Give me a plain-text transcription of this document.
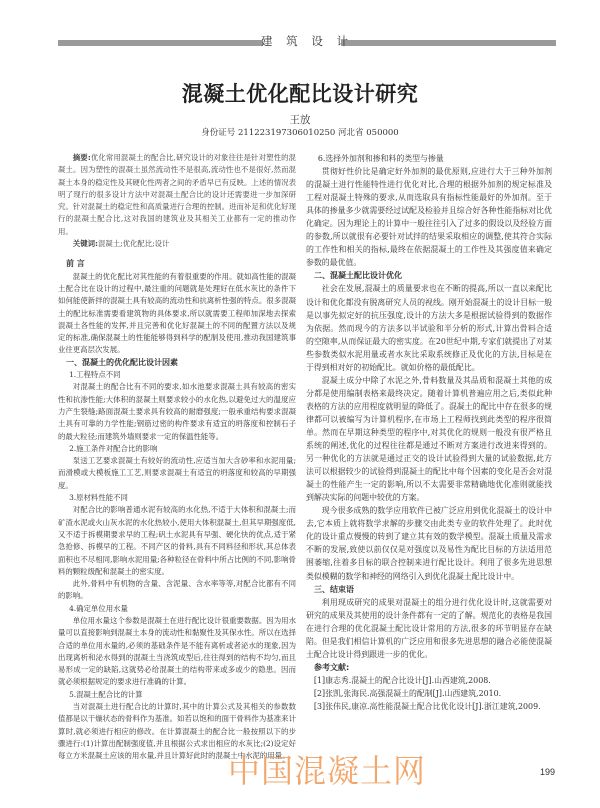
建 筑 设 计
混凝土优化配比设计研究
王放
身份证号 211223197306010250 河北省 050000

摘要:优化常用混凝土的配合比,研究设计的对象往往是针对塑性的混凝土。因为塑性的混凝土虽然流动性不是很高,流动性也不是很好,然而混凝土本身的稳定性及其硬化性两者之间的矛盾早已有反映。上述的情况表明了现行的很多设计方法中对混凝土配合比的设计还需要进一步加深研究。针对混凝土的稳定性和高质量进行合理的控制。进而补足和优化好现行的混凝土配合比,这对我国的建筑业及其相关工业都有一定的推动作用。

关键词:混凝土;优化配比;设计

前 言

混凝土的优化配比对其性能的有着很重要的作用。就如高性能的混凝土配合比在设计的过程中,最注重的问题就是处理好在低水灰比的条件下如何能使新拌的混凝土具有较高的流动性和抗离析性强的特点。很多混凝土的配比标准需要看建筑物的具体要求,所以就需要工程师加深地去探索混凝土各性能的发挥,并且完善和优化好混凝土的不同的配置方法以及规定的标准,确保混凝土的性能能够得到科学的配制及使用,推动我国建筑事业往更高层次发展。

一、混凝土的优化配比设计因素

1.工程特点不同

对混凝土的配合比有不同的要求,如水池要求混凝土具有较高的密实性和抗渗性能;大体积的混凝土则要求较小的水化热,以避免过大的温度应力产生裂缝;路面混凝土要求具有较高的耐磨强度;一般承重结构要求混凝土具有可靠的力学性能;钢筋过密的构件要求有适宜的坍落度和控制石子的最大粒径;而建筑外墙则要求一定的保温性能等。

2.施工条件对配合比的影响

泵送工艺要求混凝土有较好的流动性,应适当加大含砂率和水泥用量;而滑模或大模板施工工艺,则要求混凝土有适宜的坍落度和较高的早期强度。

3.原材料性能不同

对配合比的影响普通水泥有较高的水化热,不适于大体积和混凝土;而矿渣水泥或火山灰水泥的水化热较小,使用大体积混凝土,但其早期强度低,又不适于拆模期要求早的工程;矾土水泥具有早强、硬化快的优点,适于紧急抢修、拆模早的工程。不同产区的骨料,具有不同料径和形状,其总体表面积也不尽相同,影响水泥用量;各种粒径在骨料中所占比例的不同,影响骨料的颗粒级配和混凝土的密实度。

此外,骨料中有机物的含量、含泥量、含水率等等,对配合比都有不同的影响。

4.确定单位用水量

单位用水量这个参数是混凝土在进行配比设计很重要数据。因为用水量可以直接影响到混凝土本身的流动性和黏聚性及其保水性。所以在选择合适的单位用水量的,必须的基础条件是不能有离析或者泌水的现象,因为出现离析和泌水得到的混凝土当浇筑成型后,往往得到的结构不均匀,而且易形成一定的缺陷,这就势必给混凝土的结构带来或多或少的隐患。因而就必须根据规定的要求进行准确的计算。

5.混凝土配合比的计算

当对混凝土进行配合比的计算时,其中的计算公式及其相关的参数数值都是以干燥状态的骨料作为基准。如若以饱和的面干骨料作为基准来计算时,就必须进行相应的修改。在计算混凝土的配合比一般按照以下的步骤进行:(1)计算出配制强度值,并且根据公式求出相应的水灰比;(2)设定好每立方米混凝土应该的用水量,并且计算好此时的混凝土中水泥的用量。

6.选择外加剂和掺和料的类型与掺量

贯彻好性价比是确定好外加剂的最优原则,应进行大于三种外加剂的混凝土进行性能特性进行优化对比,合理的根据外加剂的规定标准及工程对混凝土特殊的要求,从而选取具有指标性能最好的外加剂。至于具体的掺量多少就需要经过试配及检验并且综合好各种性能指标对比优化确定。因为理论上的计算中一般往往引入了过多的假设以及经验方面的参数,所以就很有必要针对试拌的结果采取相应的调整,使其符合实际的工作性和相关的指标,最终在依据混凝土的工作性及其强度值来确定参数的最优值。

二、混凝土配比设计优化

社会在发展,混凝土的质量要求也在不断的提高,所以一直以来配比设计和优化都没有脱离研究人员的视线。刚开始混凝土的设计目标一般是以事先拟定好的抗压强度,设计的方法大多是根据试验得到的数据作为依据。然而现今的方法多以半试验和半分析的形式,计算出骨料合适的空隙率,从而保证最大的密实度。在20世纪中期,专家们就提出了对某些参数类似水泥用量或者水灰比采取系统修正及优化的方法,目标是在于得到相对好的初始配比。就如价格的最低配比。

混凝土成分中除了水泥之外,骨料数量及其品质和混凝土其他的成分都是使用编制表格来最终决定。随着计算机普遍应用之后,类似此种表格的方法的应用程度就明显的降低了。混凝土的配比中存在很多的规律都可以被编写为计算机程序,在市场上工程师找到此类型的程序很简单。然而在早期这种类型的程序中,对其优化的规则一般没有很严格且系统的阐述,优化的过程往往都是通过不断对方案进行改进来得到的。另一种优化的方法就是通过正交的设计试验得到大量的试验数据,此方法可以根据较少的试验得到混凝土的配比中每个因素的变化是否会对混凝土的性能产生一定的影响,所以不太需要非常精确地优化准则就能找到解决实际的问题中较优的方案。

现今很多成熟的数学应用软件已被广泛应用到优化混凝土的设计中去,它本质上就将数学求解的步骤交由此类专业的软件处理了。此时优化的设计重点慢慢的转到了建立其有效的数学模型。混凝土质量及需求不断的发展,致使以前仅仅是对强度以及易性为配比目标的方法适用范围萎缩,往着多目标的联合控制来进行配比设计。利用了很多先进思想类似模糊的数学和神经的网络引入到优化混凝土配比设计中。

三、结束语

利用现成研究的成果对混凝土的组分进行优化设计时,这就需要对研究的成果及其使用的设计条件都有一定的了解。规范化的表格是我国在进行合理的优化混凝土配比设计常用的方法,很多的环节明显存在缺陷。但是我们相信计算机的广泛应用和很多先进思想的融合必能使混凝土配合比设计得到跟进一步的优化。

参考文献:

[1]康志秀.混凝土的配合比设计[J].山西建筑,2008.

[2]张凯,张海民.高强混凝土的配制[J].山西建筑,2010.

[3]张伟民,康凉.高性能混凝土配合比优化设计[J].浙江建筑,2009.

中国混凝土网	199
